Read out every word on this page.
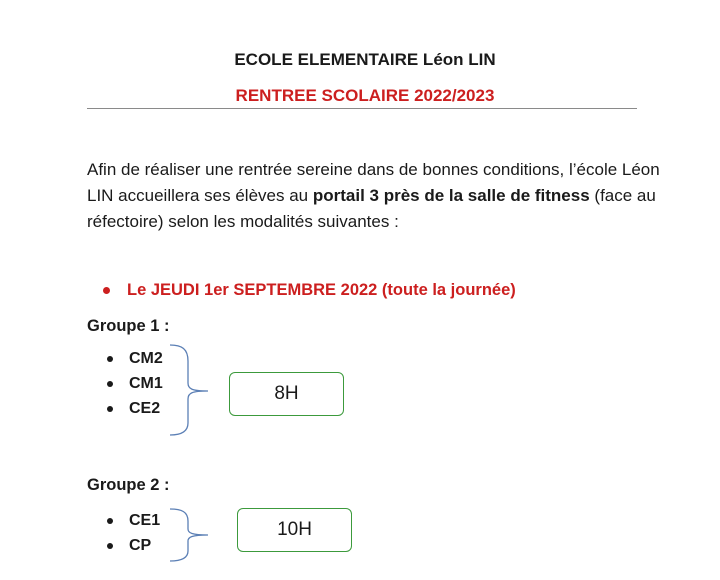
ECOLE ELEMENTAIRE Léon LIN
RENTREE SCOLAIRE 2022/2023

Afin de réaliser une rentrée sereine dans de bonnes conditions, l’école Léon LIN accueillera ses élèves au portail 3 près de la salle de fitness (face au réfectoire) selon les modalités suivantes :

Le JEUDI 1er SEPTEMBRE 2022 (toute la journée)
Groupe 1 :
CM2
CM1
CE2
8H
Groupe 2 :
CE1
CP
10H
